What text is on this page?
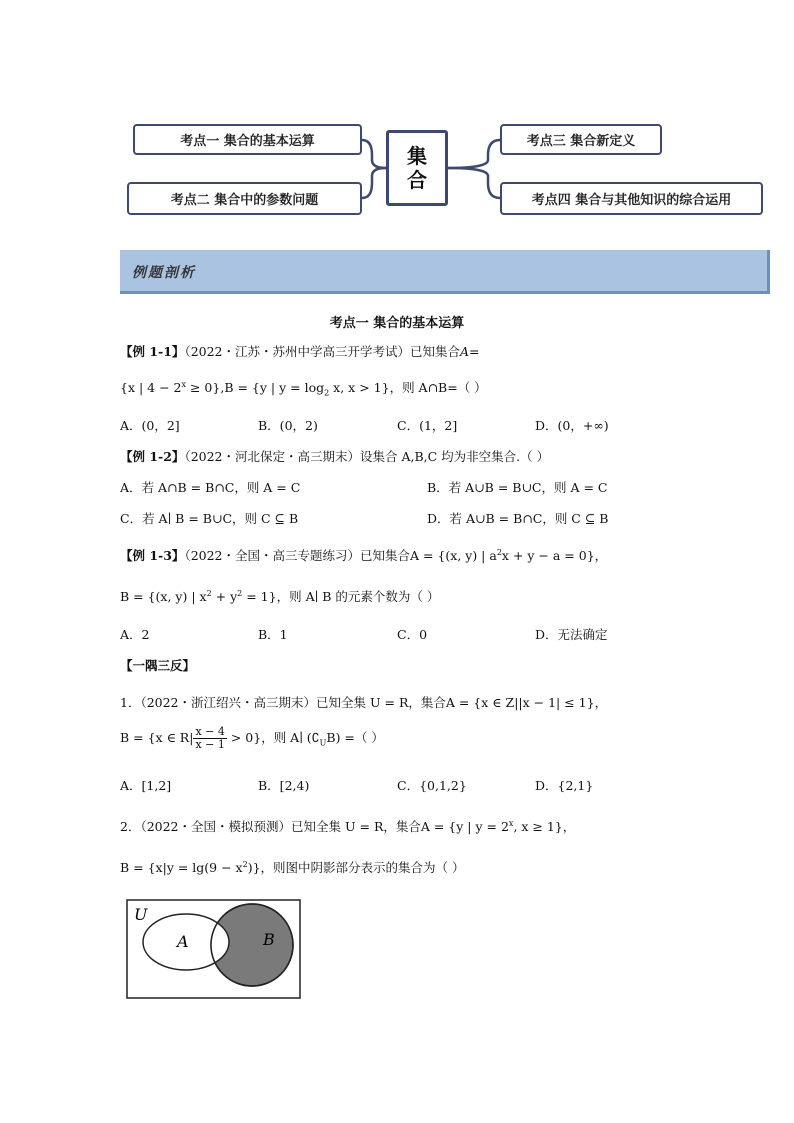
考点一 集合的基本运算
考点二 集合中的参数问题
考点三 集合新定义
考点四 集合与其他知识的综合运用
集
合
例题剖析
考点一 集合的基本运算
【例 1-1】（2022・江苏・苏州中学高三开学考试）已知集合A=
{x | $4 - 2^x \ge 0\},B = \{y$ | $y = \log_2 x$, x > 1}，则 A∩B=（ ）
A．(0，2]	B．(0，2)	C．(1，2]	D．(0，+∞)
【例 1-2】（2022・河北保定・高三期末）设集合 A,B,C 均为非空集合.（ ）
A．若 A∩B = B∩C，则 A = C	B．若 A∪B = B∪C，则 A = C
C．若 A∣ B = B∪C，则 C ⊆ B	D．若 A∪B = B∩C，则 C ⊆ B
【例 1-3】（2022・全国・高三专题练习）已知集合A = {(x, y) | $a^2x + y - a = 0$}，
B = {(x, y) | $x^2 + y^2 = 1$}，则 A∣ B 的元素个数为（ ）
A．2	B．1	C．0	D．无法确定
【一隅三反】
1．（2022・浙江绍兴・高三期末）已知全集 U = R，集合A = {x ∈ Z||x − 1| ≤ 1}，
B = {x ∈ $R| \frac{x - 4}{x - 1} > 0$}，则 A∣ $(∁_UB)$ =（ ）
A．[1,2]	B．[2,4)	C．{0,1,2}	D．{2,1}
2．（2022・全国・模拟预测）已知全集 U = R，集合A = {y | $y = 2^x$, x ≥ 1}，
$B = \{x|y = \lg(9 - x^2)\}$，则图中阴影部分表示的集合为（ ）
U
A	B
